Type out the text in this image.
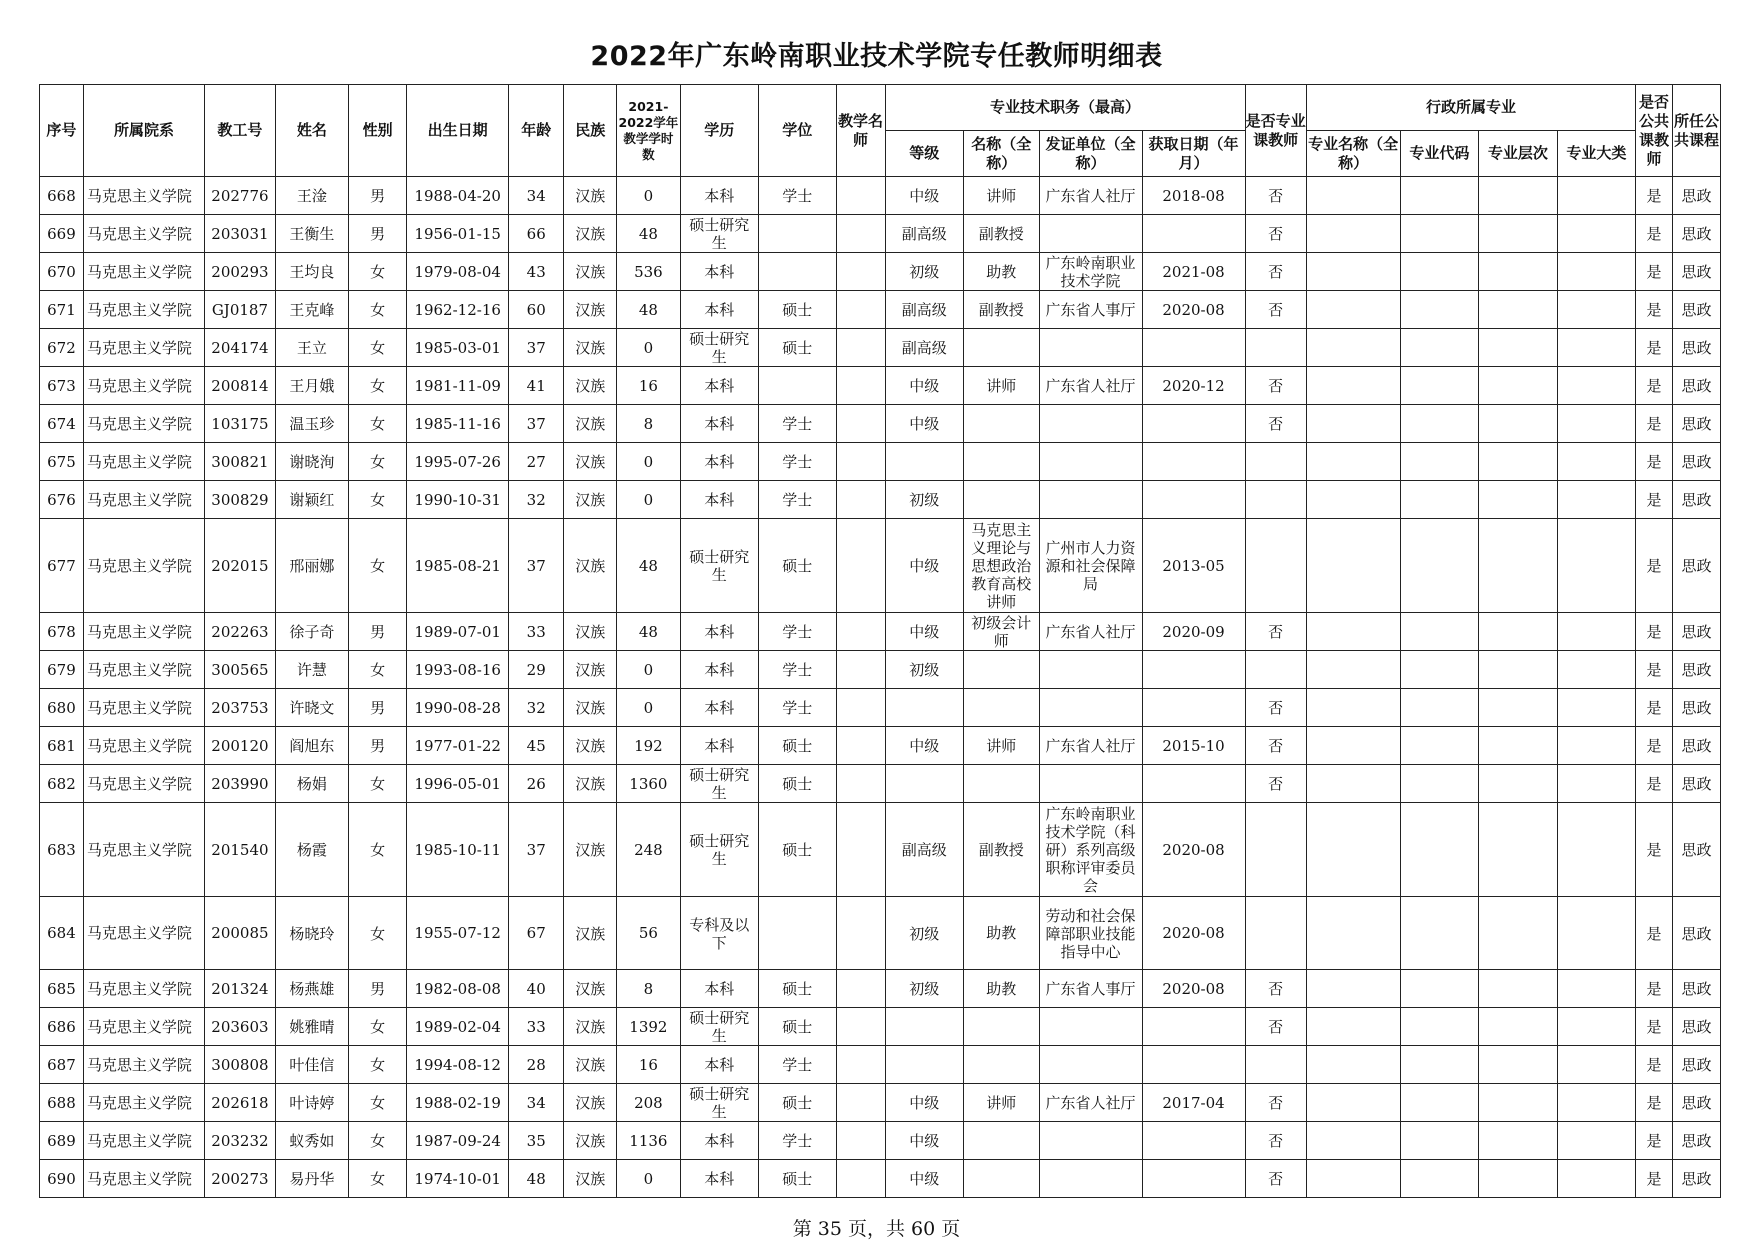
2022年广东岭南职业技术学院专任教师明细表
序号	所属院系	教工号	姓名	性别	出生日期	年龄	民族	2021-2022学年教学学时数	学历	学位	教学名师	专业技术职务（最高）				是否专业课教师	行政所属专业				是否公共课教师	所任公共课程
												等级	名称（全称）	发证单位（全称）	获取日期（年月）		专业名称（全称）	专业代码	专业层次	专业大类		
668	马克思主义学院	202776	王淦	男	1988-04-20	34	汉族	0	本科	学士		中级	讲师	广东省人社厅	2018-08	否					是	思政
669	马克思主义学院	203031	王衡生	男	1956-01-15	66	汉族	48	硕士研究生			副高级	副教授			否					是	思政
670	马克思主义学院	200293	王均良	女	1979-08-04	43	汉族	536	本科			初级	助教	广东岭南职业技术学院	2021-08	否					是	思政
671	马克思主义学院	GJ0187	王克峰	女	1962-12-16	60	汉族	48	本科	硕士		副高级	副教授	广东省人事厅	2020-08	否					是	思政
672	马克思主义学院	204174	王立	女	1985-03-01	37	汉族	0	硕士研究生	硕士		副高级									是	思政
673	马克思主义学院	200814	王月娥	女	1981-11-09	41	汉族	16	本科			中级	讲师	广东省人社厅	2020-12	否					是	思政
674	马克思主义学院	103175	温玉珍	女	1985-11-16	37	汉族	8	本科	学士		中级				否					是	思政
675	马克思主义学院	300821	谢晓洵	女	1995-07-26	27	汉族	0	本科	学士											是	思政
676	马克思主义学院	300829	谢颖红	女	1990-10-31	32	汉族	0	本科	学士		初级									是	思政
677	马克思主义学院	202015	邢丽娜	女	1985-08-21	37	汉族	48	硕士研究生	硕士		中级	马克思主义理论与思想政治教育高校讲师	广州市人力资源和社会保障局	2013-05						是	思政
678	马克思主义学院	202263	徐子奇	男	1989-07-01	33	汉族	48	本科	学士		中级	初级会计师	广东省人社厅	2020-09	否					是	思政
679	马克思主义学院	300565	许慧	女	1993-08-16	29	汉族	0	本科	学士		初级									是	思政
680	马克思主义学院	203753	许晓文	男	1990-08-28	32	汉族	0	本科	学士						否					是	思政
681	马克思主义学院	200120	阎旭东	男	1977-01-22	45	汉族	192	本科	硕士		中级	讲师	广东省人社厅	2015-10	否					是	思政
682	马克思主义学院	203990	杨娟	女	1996-05-01	26	汉族	1360	硕士研究生	硕士						否					是	思政
683	马克思主义学院	201540	杨霞	女	1985-10-11	37	汉族	248	硕士研究生	硕士		副高级	副教授	广东岭南职业技术学院（科研）系列高级职称评审委员会	2020-08						是	思政
684	马克思主义学院	200085	杨晓玲	女	1955-07-12	67	汉族	56	专科及以下			初级	助教	劳动和社会保障部职业技能指导中心	2020-08						是	思政
685	马克思主义学院	201324	杨燕雄	男	1982-08-08	40	汉族	8	本科	硕士		初级	助教	广东省人事厅	2020-08	否					是	思政
686	马克思主义学院	203603	姚雅晴	女	1989-02-04	33	汉族	1392	硕士研究生	硕士						否					是	思政
687	马克思主义学院	300808	叶佳信	女	1994-08-12	28	汉族	16	本科	学士											是	思政
688	马克思主义学院	202618	叶诗婷	女	1988-02-19	34	汉族	208	硕士研究生	硕士		中级	讲师	广东省人社厅	2017-04	否					是	思政
689	马克思主义学院	203232	蚁秀如	女	1987-09-24	35	汉族	1136	本科	学士		中级				否					是	思政
690	马克思主义学院	200273	易丹华	女	1974-10-01	48	汉族	0	本科	硕士		中级				否					是	思政
第 35 页，共 60 页
